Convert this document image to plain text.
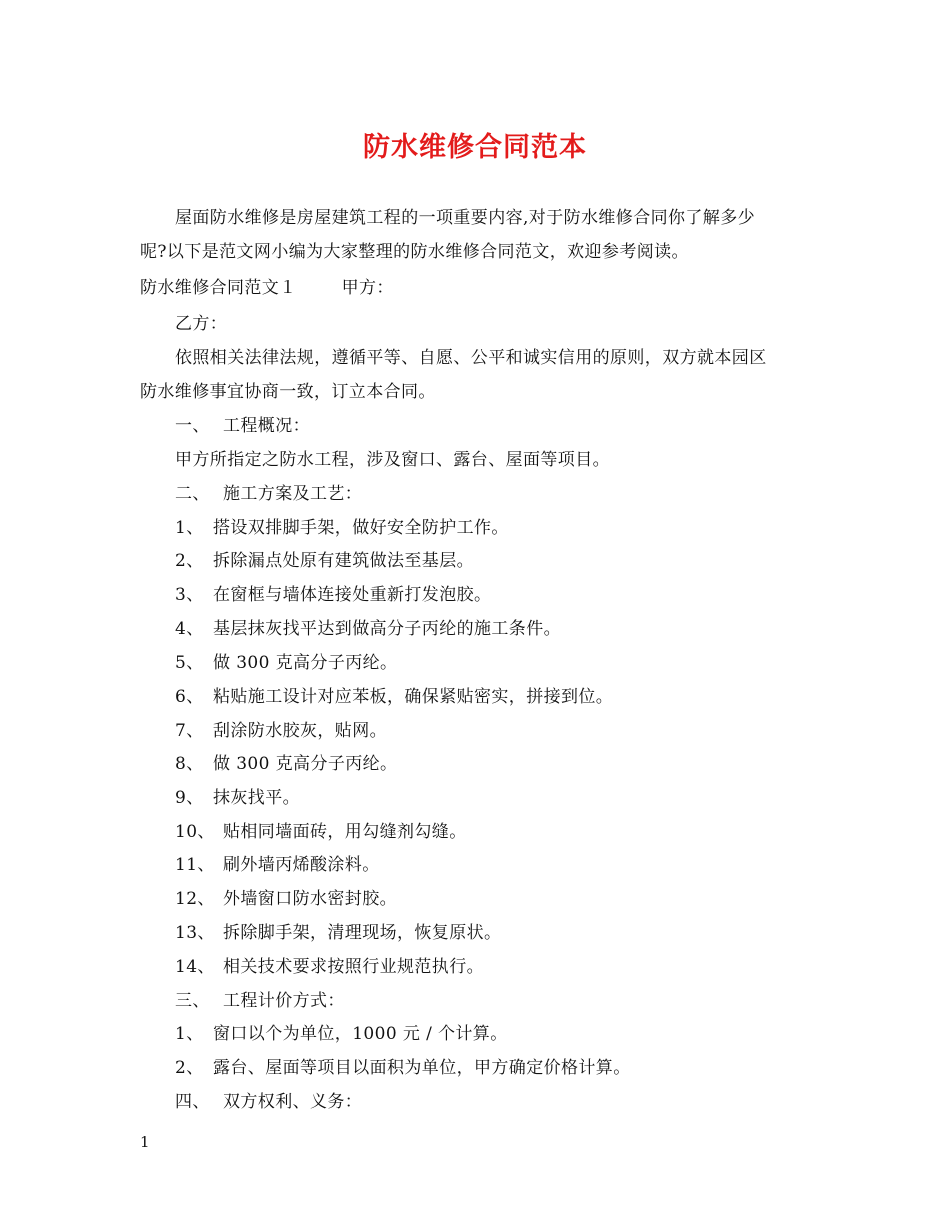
防水维修合同范本
屋面防水维修是房屋建筑工程的一项重要内容,对于防水维修合同你了解多少
呢?以下是范文网小编为大家整理的防水维修合同范文，欢迎参考阅读。
防水维修合同范文１	甲方：
乙方：
依照相关法律法规，遵循平等、自愿、公平和诚实信用的原则，双方就本园区
防水维修事宜协商一致，订立本合同。
一、 工程概况：
甲方所指定之防水工程，涉及窗口、露台、屋面等项目。
二、 施工方案及工艺：
1、 搭设双排脚手架，做好安全防护工作。
2、 拆除漏点处原有建筑做法至基层。
3、 在窗框与墙体连接处重新打发泡胶。
4、 基层抹灰找平达到做高分子丙纶的施工条件。
5、 做 300 克高分子丙纶。
6、 粘贴施工设计对应苯板，确保紧贴密实，拼接到位。
7、 刮涂防水胶灰，贴网。
8、 做 300 克高分子丙纶。
9、 抹灰找平。
10、 贴相同墙面砖，用勾缝剂勾缝。
11、 刷外墙丙烯酸涂料。
12、 外墙窗口防水密封胶。
13、 拆除脚手架，清理现场，恢复原状。
14、 相关技术要求按照行业规范执行。
三、 工程计价方式：
1、 窗口以个为单位，1000 元 / 个计算。
2、 露台、屋面等项目以面积为单位，甲方确定价格计算。
四、 双方权利、义务：
1
